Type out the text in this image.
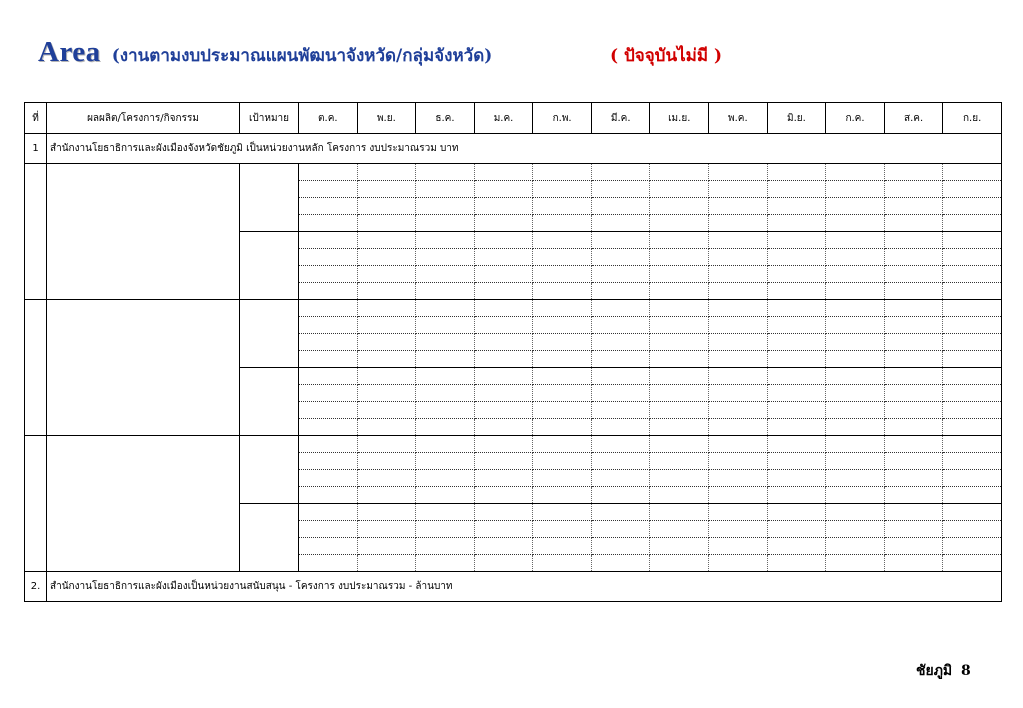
Area (งานตามงบประมาณแผนพัฒนาจังหวัด/กลุ่มจังหวัด)	( ปัจจุบันไม่มี )
ที่	ผลผลิต/โครงการ/กิจกรรม	เป้าหมาย	ต.ค.	พ.ย.	ธ.ค.	ม.ค.	ก.พ.	มี.ค.	เม.ย.	พ.ค.	มิ.ย.	ก.ค.	ส.ค.	ก.ย.
1	สำนักงานโยธาธิการและผังเมืองจังหวัดชัยภูมิ เป็นหน่วยงานหลัก โครงการ งบประมาณรวม บาท													

2.	สำนักงานโยธาธิการและผังเมืองเป็นหน่วยงานสนับสนุน - โครงการ งบประมาณรวม - ล้านบาท													
ชัยภูมิ 8
